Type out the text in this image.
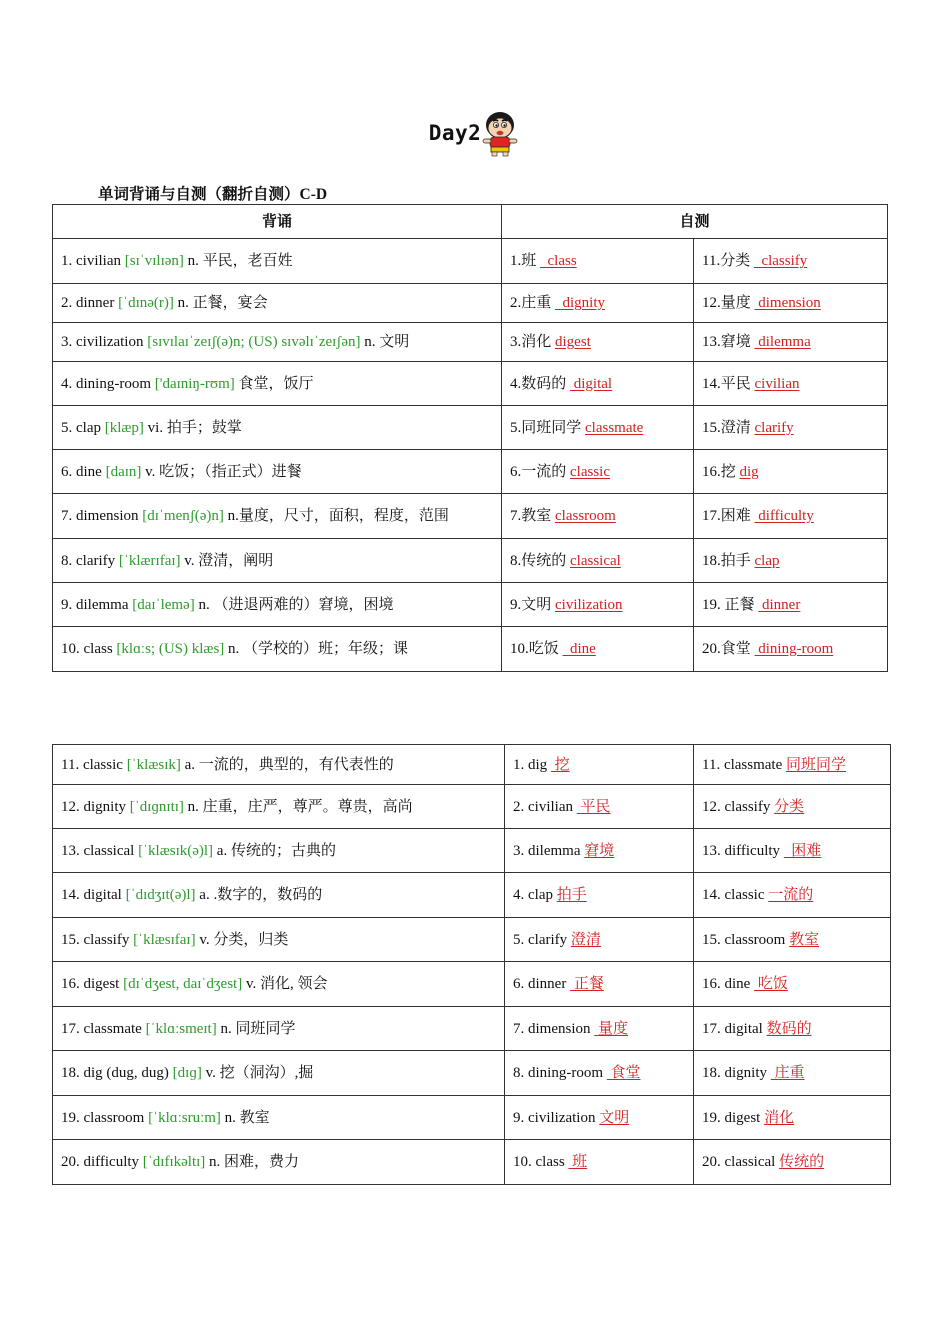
Day2
单词背诵与自测（翻折自测）C-D
背诵	自测	
1. civilian [sɪˈvɪlɪən] n. 平民，老百姓	1.班   class	11.分类   classify
2. dinner [ˈdɪnə(r)] n. 正餐，宴会	2.庄重   dignity	12.量度  dimension
3. civilization [sɪvɪlaɪˈzeɪʃ(ə)n; (US) sɪvəlɪˈzeɪʃən] n. 文明	3.消化 digest	13.窘境  dilemma
4. dining-room ['daɪniŋ-rʊm] 食堂，饭厅	4.数码的  digital	14.平民 civilian
5. clap [klæp] vi. 拍手；鼓掌	5.同班同学 classmate	15.澄清 clarify
6. dine [daɪn] v. 吃饭；（指正式）进餐	6.一流的 classic	16.挖 dig
7. dimension [dɪˈmenʃ(ə)n] n.量度，尺寸，面积，程度，范围	7.教室 classroom	17.困难  difficulty
8. clarify [ˈklærɪfaɪ] v. 澄清，阐明	8.传统的 classical	18.拍手 clap
9. dilemma [daɪˈlemə] n. （进退两难的）窘境，困境	9.文明 civilization	19. 正餐  dinner
10. class [klɑːs; (US) klæs] n. （学校的）班；年级；课	10.吃饭   dine	20.食堂  dining-room
11. classic [ˈklæsɪk] a. 一流的，典型的，有代表性的	1. dig  挖	11. classmate 同班同学
12. dignity [ˈdɪɡnɪtɪ] n. 庄重，庄严，尊严。尊贵，高尚	2. civilian  平民	12. classify 分类
13. classical [ˈklæsɪk(ə)l] a. 传统的；古典的	3. dilemma 窘境	13. difficulty   困难
14. digital [ˈdɪdʒɪt(ə)l] a. .数字的，数码的	4. clap 拍手	14. classic 一流的
15. classify [ˈklæsɪfaɪ] v. 分类，归类	5. clarify 澄清	15. classroom 教室
16. digest [dɪˈdʒest, daɪˈdʒest] v. 消化, 领会	6. dinner  正餐	16. dine  吃饭
17. classmate [ˈklɑːsmeɪt] n. 同班同学	7. dimension  量度	17. digital 数码的
18. dig (dug, dug) [dɪɡ] v. 挖（洞沟）,掘	8. dining-room  食堂	18. dignity  庄重
19. classroom [ˈklɑːsruːm] n. 教室	9. civilization 文明	19. digest 消化
20. difficulty [ˈdɪfɪkəltɪ] n. 困难，费力	10. class  班	20. classical 传统的
